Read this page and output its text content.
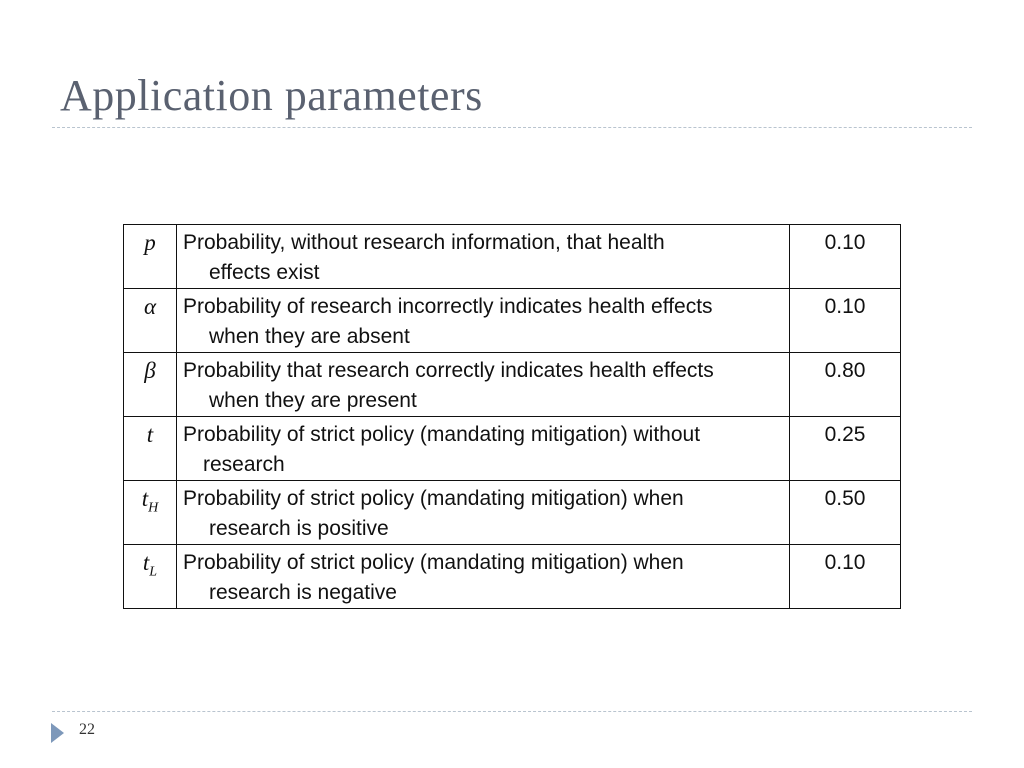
Application parameters
p	Probability, without research information, that health
effects exist	0.10
α	Probability of research incorrectly indicates health effects
when they are absent	0.10
β	Probability that research correctly indicates health effects
when they are present	0.80
t	Probability of strict policy (mandating mitigation) without
research	0.25
$t_H$	Probability of strict policy (mandating mitigation) when
research is positive	0.50
$t_L$	Probability of strict policy (mandating mitigation) when
research is negative	0.10
22
